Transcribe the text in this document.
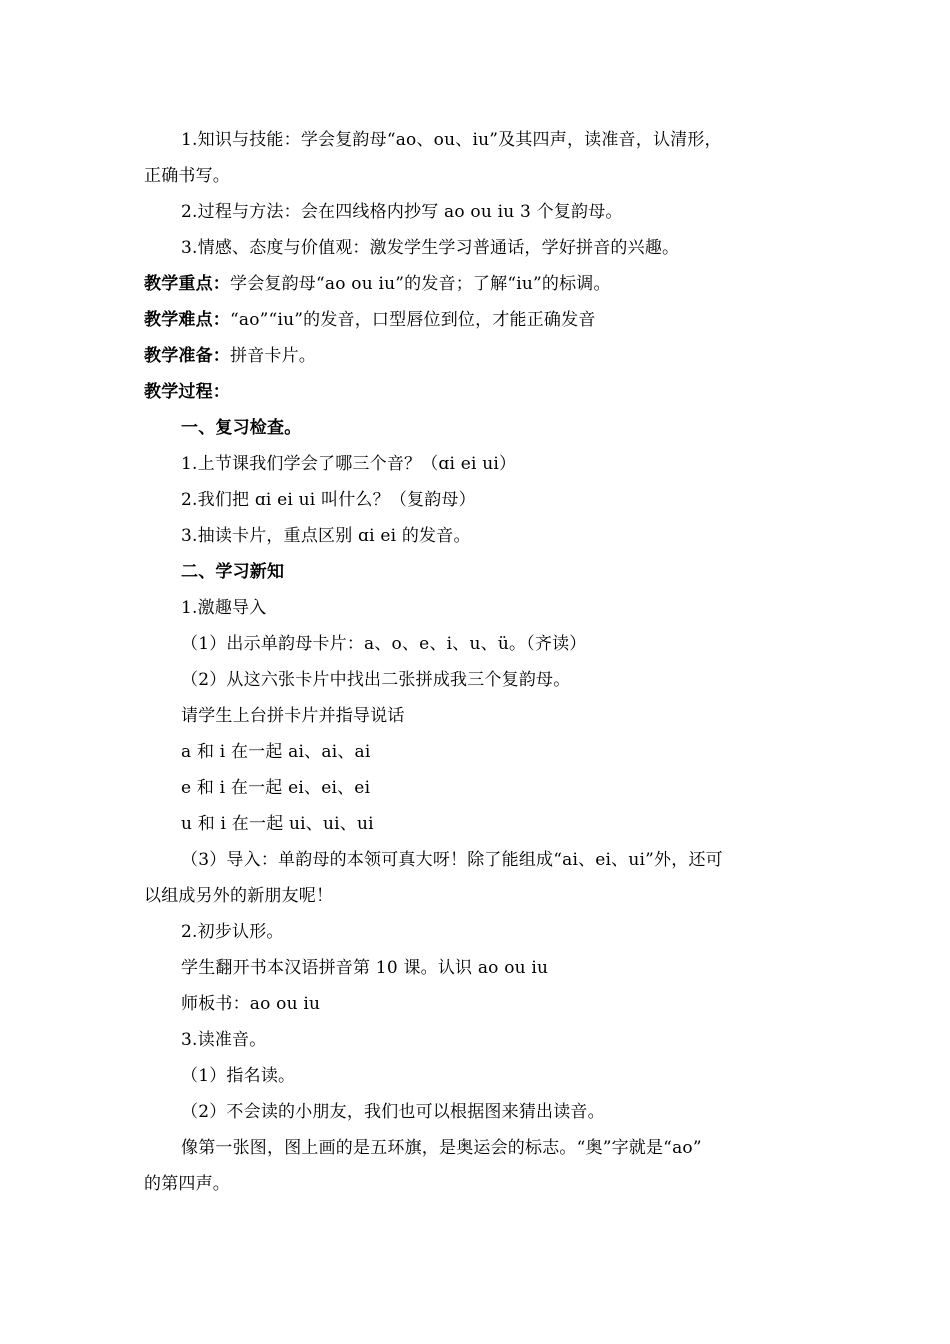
1.知识与技能：学会复韵母“ao、ou、iu”及其四声，读准音，认清形，
正确书写。
2.过程与方法：会在四线格内抄写 ao ou iu 3 个复韵母。
3.情感、态度与价值观：激发学生学习普通话，学好拼音的兴趣。
教学重点：学会复韵母“ao ou iu”的发音；了解“iu”的标调。
教学难点：“ao”“iu”的发音，口型唇位到位，才能正确发音
教学准备：拼音卡片。
教学过程：
一、复习检查。
1.上节课我们学会了哪三个音？（ɑi ei ui）
2.我们把 ɑi ei ui 叫什么？（复韵母）
3.抽读卡片，重点区别 ɑi ei 的发音。
二、学习新知
1.激趣导入
（1）出示单韵母卡片：a、o、e、i、u、ü。（齐读）
（2）从这六张卡片中找出二张拼成我三个复韵母。
请学生上台拼卡片并指导说话
a 和 i 在一起 ai、ai、ai
e 和 i 在一起 ei、ei、ei
u 和 i 在一起 ui、ui、ui
（3）导入：单韵母的本领可真大呀！除了能组成“ai、ei、ui”外，还可
以组成另外的新朋友呢！
2.初步认形。
学生翻开书本汉语拼音第 10 课。认识 ao ou iu
师板书：ao ou iu
3.读准音。
（1）指名读。
（2）不会读的小朋友，我们也可以根据图来猜出读音。
像第一张图，图上画的是五环旗，是奥运会的标志。“奥”字就是“ao”
的第四声。
